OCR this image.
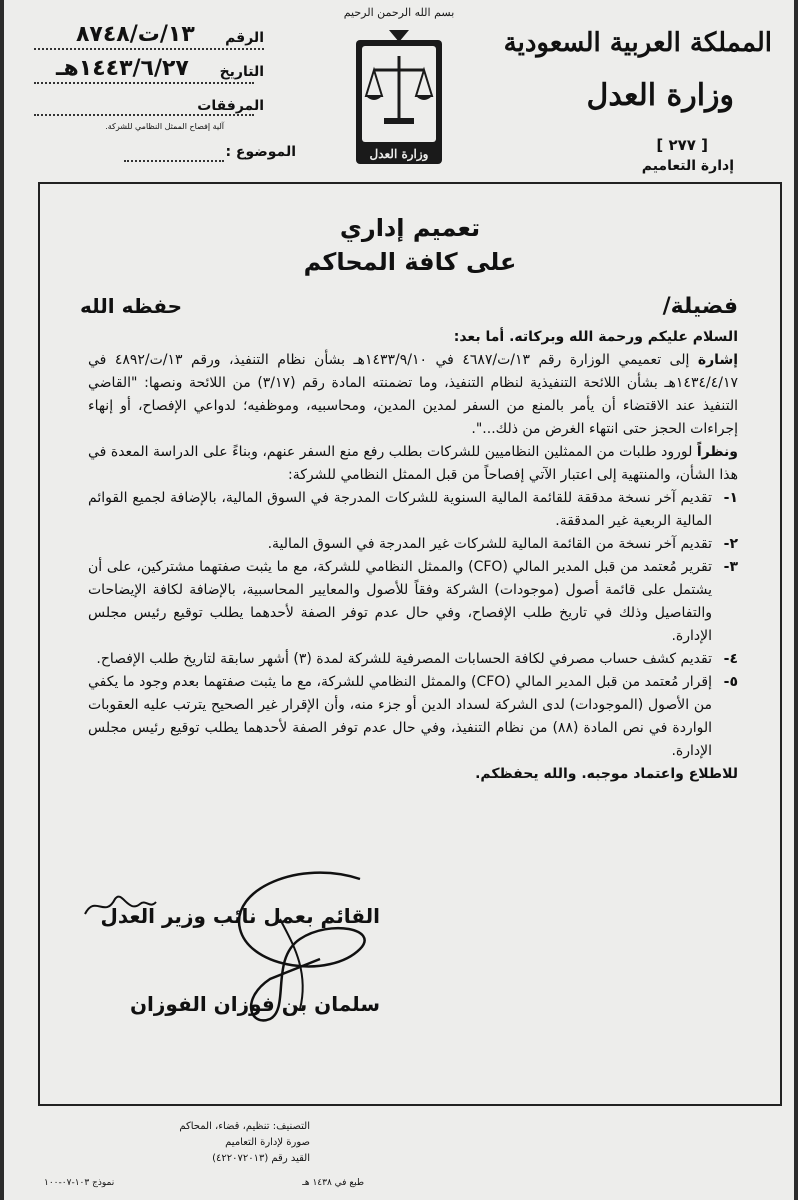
المملكة العربية السعودية
وزارة العدل
[ ٢٧٧ ]
إدارة التعاميم
بسم الله الرحمن الرحيم
وزارة العدل
الرقم
١٣/ت/٨٧٤٨
التاريخ
١٤٤٣/٦/٢٧هـ
المرفقات
آلية إفصاح الممثل النظامي للشركة.
الموضوع :
تعميم إداري
على كافة المحاكم
فضيلة/
حفظه الله

السلام عليكم ورحمة الله وبركاته. أما بعد:

إشارة إلى تعميمي الوزارة رقم ١٣/ت/٤٦٨٧ في ١٤٣٣/٩/١٠هـ بشأن نظام التنفيذ، ورقم ١٣/ت/٤٨٩٢ في ١٤٣٤/٤/١٧هـ بشأن اللائحة التنفيذية لنظام التنفيذ، وما تضمنته المادة رقم (٣/١٧) من اللائحة ونصها: "القاضي التنفيذ عند الاقتضاء أن يأمر بالمنع من السفر لمدين المدين، ومحاسبيه، وموظفيه؛ لدواعي الإفصاح، أو إنهاء إجراءات الحجز حتى انتهاء الغرض من ذلك...".

ونظراً لورود طلبات من الممثلين النظاميين للشركات بطلب رفع منع السفر عنهم، وبناءً على الدراسة المعدة في هذا الشأن، والمنتهية إلى اعتبار الآتي إفصاحاً من قبل الممثل النظامي للشركة:

١-
تقديم آخر نسخة مدققة للقائمة المالية السنوية للشركات المدرجة في السوق المالية، بالإضافة لجميع القوائم المالية الربعية غير المدققة.
٢-
تقديم آخر نسخة من القائمة المالية للشركات غير المدرجة في السوق المالية.
٣-
تقرير مُعتمد من قبل المدير المالي (CFO) والممثل النظامي للشركة، مع ما يثبت صفتهما مشتركين، على أن يشتمل على قائمة أصول (موجودات) الشركة وفقاً للأصول والمعايير المحاسبية، بالإضافة لكافة الإيضاحات والتفاصيل وذلك في تاريخ طلب الإفصاح، وفي حال عدم توفر الصفة لأحدهما يطلب توقيع رئيس مجلس الإدارة.
٤-
تقديم كشف حساب مصرفي لكافة الحسابات المصرفية للشركة لمدة (٣) أشهر سابقة لتاريخ طلب الإفصاح.
٥-
إقرار مُعتمد من قبل المدير المالي (CFO) والممثل النظامي للشركة، مع ما يثبت صفتهما بعدم وجود ما يكفي من الأصول (الموجودات) لدى الشركة لسداد الدين أو جزء منه، وأن الإقرار غير الصحيح يترتب عليه العقوبات الواردة في نص المادة (٨٨) من نظام التنفيذ، وفي حال عدم توفر الصفة لأحدهما يطلب توقيع رئيس مجلس الإدارة.

للاطلاع واعتماد موجبه. والله يحفظكم.

القائم بعمل نائب وزير العدل
سلمان بن فوزان الفوزان
التصنيف: تنظيم، قضاء، المحاكم
صورة لإدارة التعاميم
القيد رقم (٤٢٢٠٧٢٠١٣)
نموذج ١٠٣-٠٧-١٠٠	طبع في ١٤٣٨ هـ
